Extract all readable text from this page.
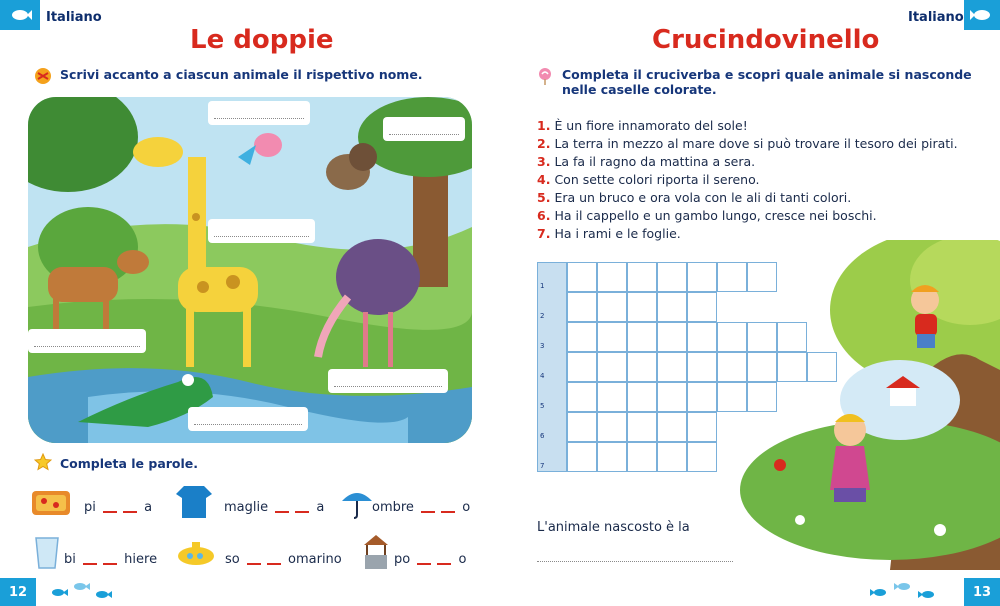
Italiano
Le doppie
Scrivi accanto a ciascun animale il rispettivo nome.
Completa le parole.
pi	a	maglie	a	ombre	o
bi	hiere	so	omarino	po	o
12
Italiano
Crucindovinello
Completa il cruciverba e scopri quale animale si nasconde
nelle caselle colorate.
1. È un fiore innamorato del sole!
2. La terra in mezzo al mare dove si può trovare il tesoro dei pirati.
3. La fa il ragno da mattina a sera.
4. Con sette colori riporta il sereno.
5. Era un bruco e ora vola con le ali di tanti colori.
6. Ha il cappello e un gambo lungo, cresce nei boschi.
7. Ha i rami e le foglie.
1
2
3
4
5
6
7
L'animale nascosto è la
13
